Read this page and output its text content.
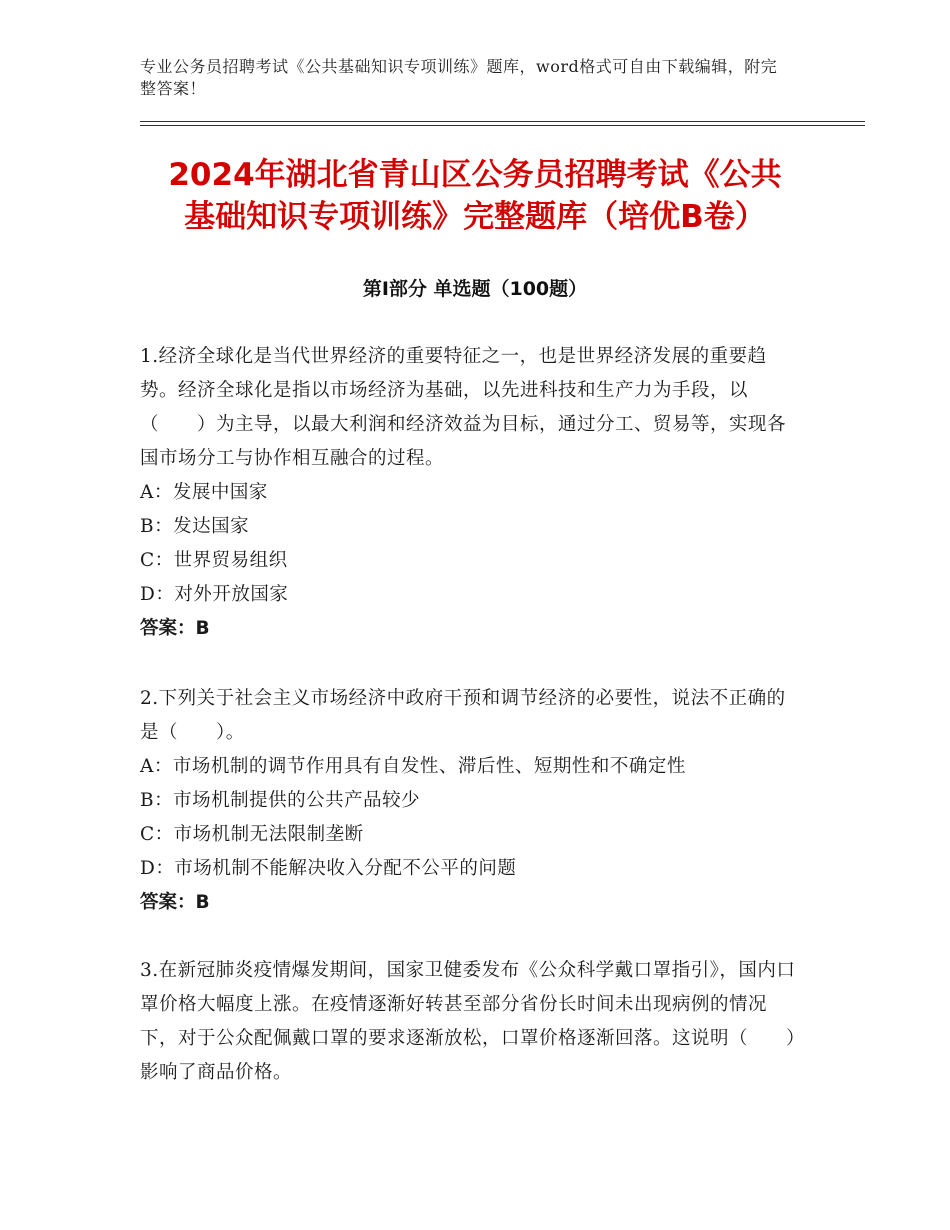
专业公务员招聘考试《公共基础知识专项训练》题库，word格式可自由下载编辑，附完整答案！
2024年湖北省青山区公务员招聘考试《公共
基础知识专项训练》完整题库（培优B卷）
第Ⅰ部分 单选题（100题）
1.经济全球化是当代世界经济的重要特征之一，也是世界经济发展的重要趋势。经济全球化是指以市场经济为基础，以先进科技和生产力为手段，以（　　）为主导，以最大利润和经济效益为目标，通过分工、贸易等，实现各国市场分工与协作相互融合的过程。
A：发展中国家
B：发达国家
C：世界贸易组织
D：对外开放国家
答案：B
2.下列关于社会主义市场经济中政府干预和调节经济的必要性，说法不正确的是（　　）。
A：市场机制的调节作用具有自发性、滞后性、短期性和不确定性
B：市场机制提供的公共产品较少
C：市场机制无法限制垄断
D：市场机制不能解决收入分配不公平的问题
答案：B
3.在新冠肺炎疫情爆发期间，国家卫健委发布《公众科学戴口罩指引》，国内口罩价格大幅度上涨。在疫情逐渐好转甚至部分省份长时间未出现病例的情况下，对于公众配佩戴口罩的要求逐渐放松，口罩价格逐渐回落。这说明（　　）影响了商品价格。
